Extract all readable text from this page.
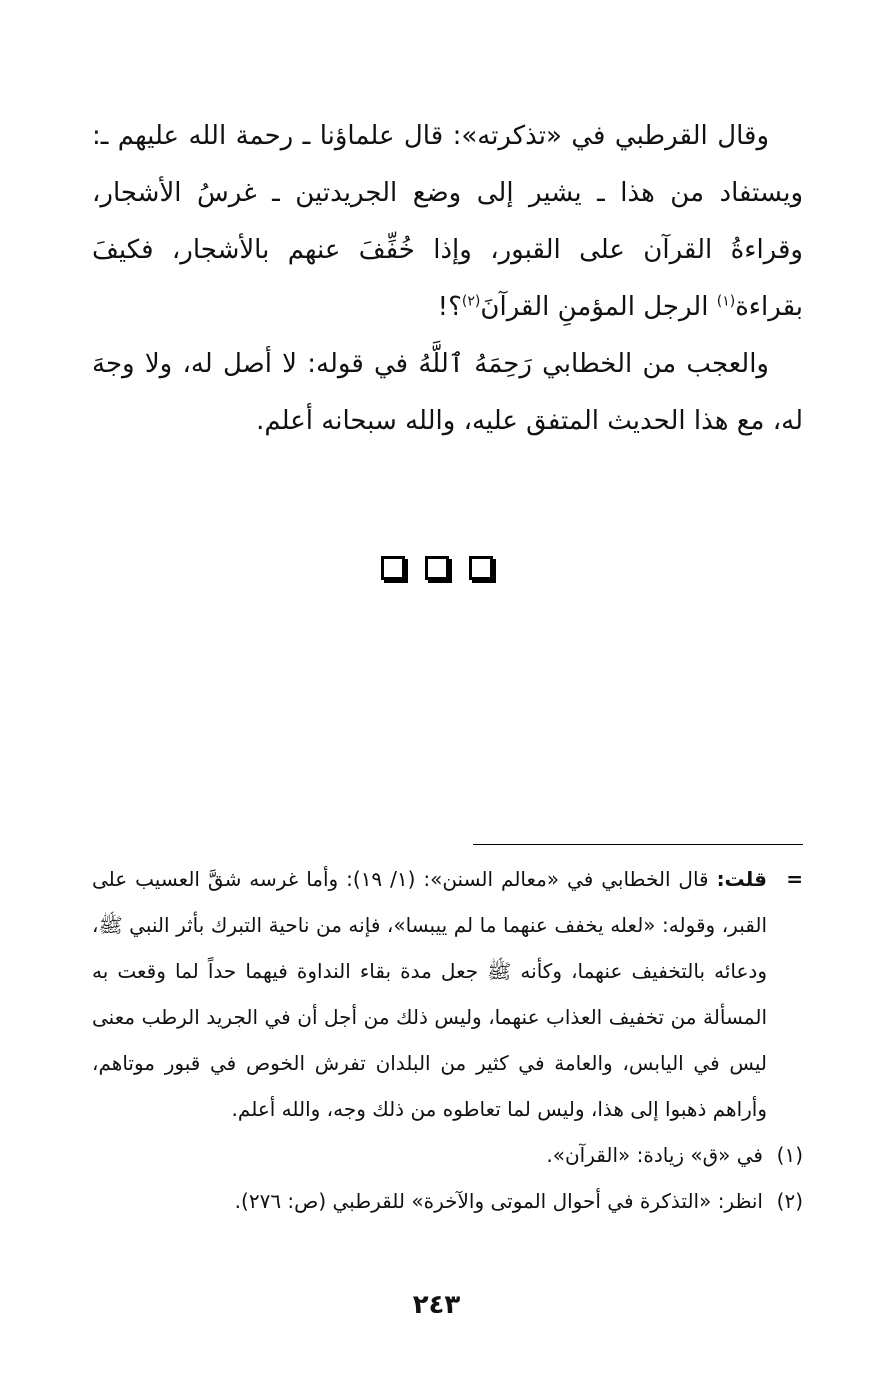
وقال القرطبي في «تذكرته»: قال علماؤنا ـ رحمة الله عليهم ـ: ويستفاد من هذا ـ يشير إلى وضع الجريدتين ـ غرسُ الأشجار، وقراءةُ القرآن على القبور، وإذا خُفِّفَ عنهم بالأشجار، فكيفَ بقراءة$^{(١)}$ الرجل المؤمنِ القرآنَ$^{(٢)}$؟!

والعجب من الخطابي رَحِمَهُ ٱللَّهُ في قوله: لا أصل له، ولا وجهَ له، مع هذا الحديث المتفق عليه، والله سبحانه أعلم.

=
قلت: قال الخطابي في «معالم السنن»: (١/ ١٩): وأما غرسه شقَّ العسيب على القبر، وقوله: «لعله يخفف عنهما ما لم ييبسا»، فإنه من ناحية التبرك بأثر النبي ﷺ، ودعائه بالتخفيف عنهما، وكأنه ﷺ جعل مدة بقاء النداوة فيهما حداً لما وقعت به المسألة من تخفيف العذاب عنهما، وليس ذلك من أجل أن في الجريد الرطب معنى ليس في اليابس، والعامة في كثير من البلدان تفرش الخوص في قبور موتاهم، وأراهم ذهبوا إلى هذا، وليس لما تعاطوه من ذلك وجه، والله أعلم.
(١)
في «ق» زيادة: «القرآن».
(٢)
انظر: «التذكرة في أحوال الموتى والآخرة» للقرطبي (ص: ٢٧٦).
٢٤٣
